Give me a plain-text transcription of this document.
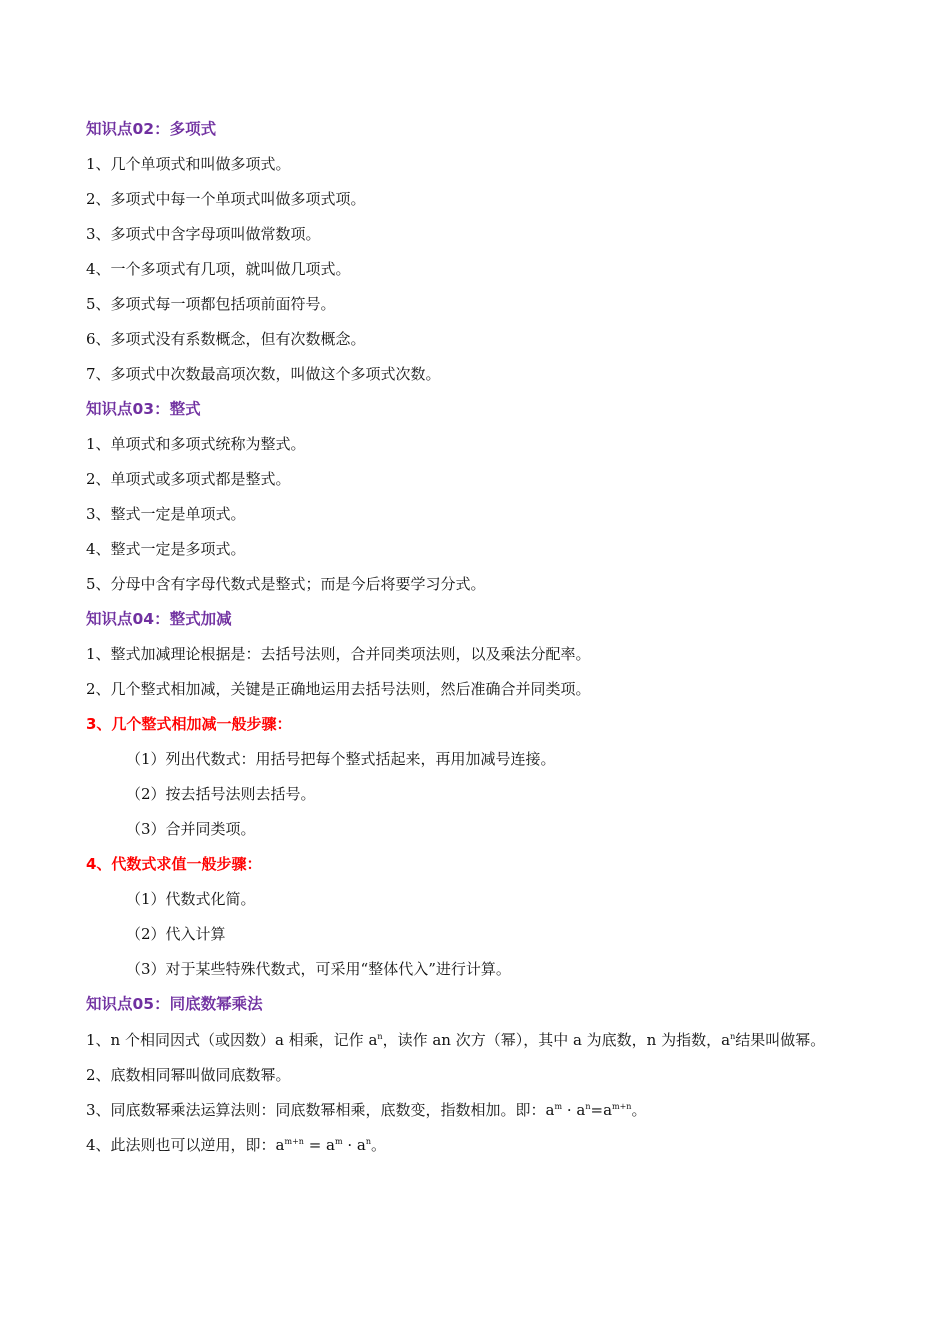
知识点02：多项式
1、几个单项式和叫做多项式。
2、多项式中每一个单项式叫做多项式项。
3、多项式中含字母项叫做常数项。
4、一个多项式有几项，就叫做几项式。
5、多项式每一项都包括项前面符号。
6、多项式没有系数概念，但有次数概念。
7、多项式中次数最高项次数，叫做这个多项式次数。
知识点03：整式
1、单项式和多项式统称为整式。
2、单项式或多项式都是整式。
3、整式一定是单项式。
4、整式一定是多项式。
5、分母中含有字母代数式是整式；而是今后将要学习分式。
知识点04：整式加减
1、整式加减理论根据是：去括号法则，合并同类项法则，以及乘法分配率。
2、几个整式相加减，关键是正确地运用去括号法则，然后准确合并同类项。
3、几个整式相加减一般步骤：
（1）列出代数式：用括号把每个整式括起来，再用加减号连接。
（2）按去括号法则去括号。
（3）合并同类项。
4、代数式求值一般步骤：
（1）代数式化简。
（2）代入计算
（3）对于某些特殊代数式，可采用“整体代入”进行计算。
知识点05：同底数幂乘法
1、n 个相同因式（或因数）a 相乘，记作 $a^n$，读作 an 次方（幂），其中 a 为底数，n 为指数，$a^n$结果叫做幂。
2、底数相同幂叫做同底数幂。
3、同底数幂乘法运算法则：同底数幂相乘，底数变，指数相加。即：$a^m \cdot a^n=a^{m+n}$。
4、此法则也可以逆用，即：$a^{m+n} = a^m \cdot a^n$。
